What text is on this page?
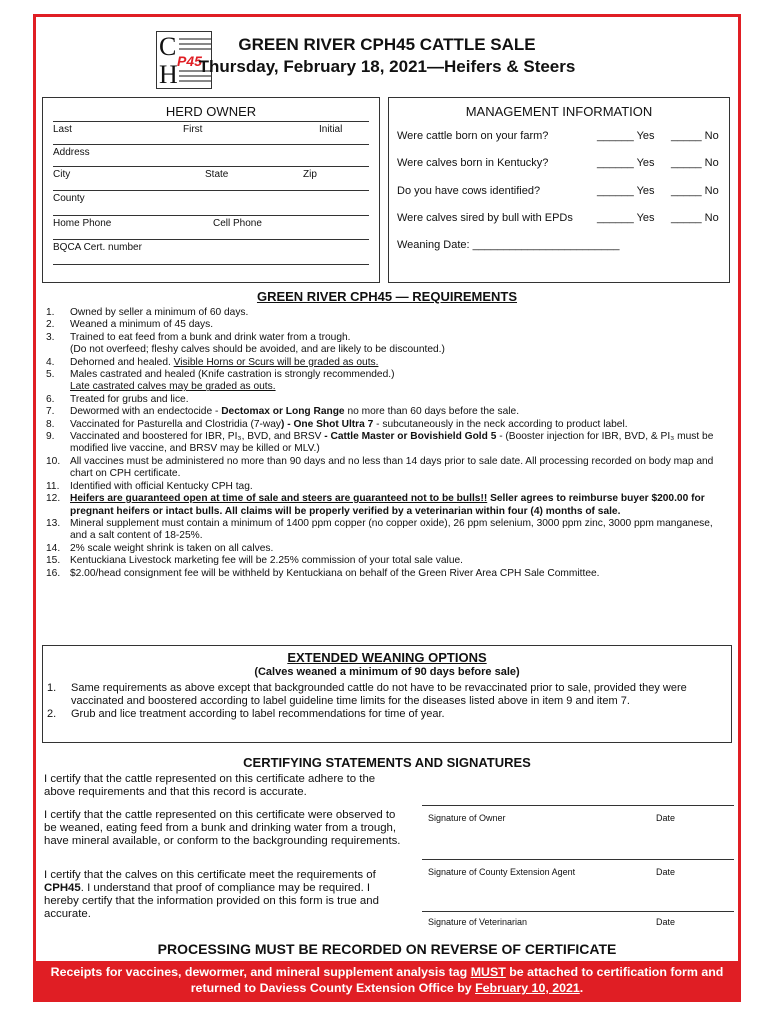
C P45
H
GREEN RIVER CPH45 CATTLE SALE
Thursday, February 18, 2021—Heifers & Steers
HERD OWNER
Last	First	Initial
Address
City	State	Zip
County
Home Phone	Cell Phone
BQCA Cert. number
MANAGEMENT INFORMATION
Were cattle born on your farm?	______ Yes _____ No
Were calves born in Kentucky?	______ Yes _____ No
Do you have cows identified?	______ Yes _____ No
Were calves sired by bull with EPDs ______ Yes _____ No
Weaning Date: ________________________
GREEN RIVER CPH45 — REQUIREMENTS
1. Owned by seller a minimum of 60 days.
2. Weaned a minimum of 45 days.
3. Trained to eat feed from a bunk and drink water from a trough.
(Do not overfeed; fleshy calves should be avoided, and are likely to be discounted.)
4. Dehorned and healed. Visible Horns or Scurs will be graded as outs.
5. Males castrated and healed (Knife castration is strongly recommended.)
Late castrated calves may be graded as outs.
6. Treated for grubs and lice.
7. Dewormed with an endectocide - Dectomax or Long Range no more than 60 days before the sale.
8. Vaccinated for Pasturella and Clostridia (7-way) - One Shot Ultra 7 - subcutaneously in the neck according to product label.
9. Vaccinated and boostered for IBR, PI₃, BVD, and BRSV - Cattle Master or Bovishield Gold 5 - (Booster injection for IBR, BVD, & PI₃ must be modified live vaccine, and BRSV may be killed or MLV.)
10. All vaccines must be administered no more than 90 days and no less than 14 days prior to sale date. All processing recorded on body map and chart on CPH certificate.
11. Identified with official Kentucky CPH tag.
12. Heifers are guaranteed open at time of sale and steers are guaranteed not to be bulls!! Seller agrees to reimburse buyer $200.00 for pregnant heifers or intact bulls. All claims will be properly verified by a veterinarian within four (4) months of sale.
13. Mineral supplement must contain a minimum of 1400 ppm copper (no copper oxide), 26 ppm selenium, 3000 ppm zinc, 3000 ppm manganese, and a salt content of 18-25%.
14. 2% scale weight shrink is taken on all calves.
15. Kentuckiana Livestock marketing fee will be 2.25% commission of your total sale value.
16. $2.00/head consignment fee will be withheld by Kentuckiana on behalf of the Green River Area CPH Sale Committee.
EXTENDED WEANING OPTIONS
(Calves weaned a minimum of 90 days before sale)
1. Same requirements as above except that backgrounded cattle do not have to be revaccinated prior to sale, provided they were vaccinated and boostered according to label guideline time limits for the diseases listed above in item 9 and item 7.
2. Grub and lice treatment according to label recommendations for time of year.
CERTIFYING STATEMENTS AND SIGNATURES
I certify that the cattle represented on this certificate adhere to the above requirements and that this record is accurate.
I certify that the cattle represented on this certificate were observed to be weaned, eating feed from a bunk and drinking water from a trough, have mineral available, or conform to the backgrounding requirements.
I certify that the calves on this certificate meet the requirements of CPH45. I understand that proof of compliance may be required. I hereby certify that the information provided on this form is true and accurate.
Signature of Owner	Date
Signature of County Extension Agent	Date
Signature of Veterinarian	Date
PROCESSING MUST BE RECORDED ON REVERSE OF CERTIFICATE
Receipts for vaccines, dewormer, and mineral supplement analysis tag MUST be attached to certification form and
returned to Daviess County Extension Office by February 10, 2021.
